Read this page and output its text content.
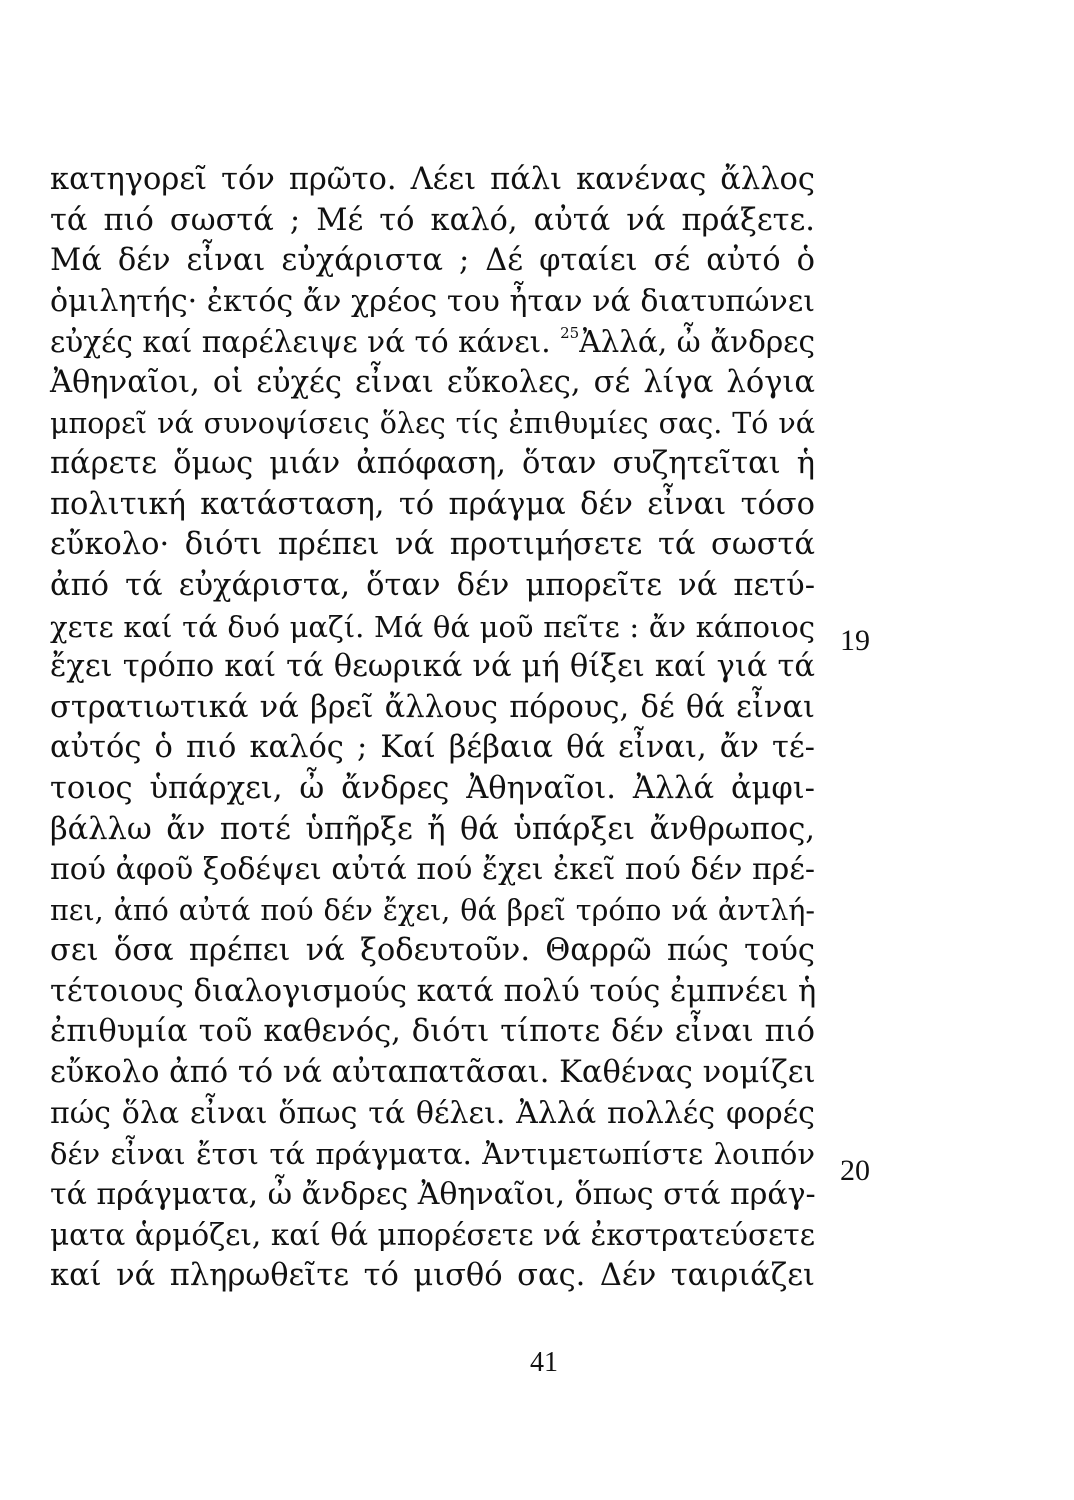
κατηγορεῖ τόν πρῶτο. Λέει πάλι κανένας ἄλλος
τά πιό σωστά ; Μέ τό καλό, αὐτά νά πράξετε.
Μά δέν εἶναι εὐχάριστα ; Δέ φταίει σέ αὐτό ὁ
ὁμιλητής· ἐκτός ἄν χρέος του ἦταν νά διατυπώνει
εὐχές καί παρέλειψε νά τό κάνει. $^{25}$Ἀλλά, ὦ ἄνδρες
Ἀθηναῖοι, οἱ εὐχές εἶναι εὔκολες, σέ λίγα λόγια
μπορεῖ νά συνοψίσεις ὅλες τίς ἐπιθυμίες σας. Τό νά
πάρετε ὅμως μιάν ἀπόφαση, ὅταν συζητεῖται ἡ
πολιτική κατάσταση, τό πράγμα δέν εἶναι τόσο
εὔκολο· διότι πρέπει νά προτιμήσετε τά σωστά
ἀπό τά εὐχάριστα, ὅταν δέν μπορεῖτε νά πετύ-
χετε καί τά δυό μαζί. Μά θά μοῦ πεῖτε : ἄν κάποιος
ἔχει τρόπο καί τά θεωρικά νά μή θίξει καί γιά τά
στρατιωτικά νά βρεῖ ἄλλους πόρους, δέ θά εἶναι
αὐτός ὁ πιό καλός ; Καί βέβαια θά εἶναι, ἄν τέ-
τοιος ὑπάρχει, ὦ ἄνδρες Ἀθηναῖοι. Ἀλλά ἀμφι-
βάλλω ἄν ποτέ ὑπῆρξε ἤ θά ὑπάρξει ἄνθρωπος,
πού ἀφοῦ ξοδέψει αὐτά πού ἔχει ἐκεῖ πού δέν πρέ-
πει, ἀπό αὐτά πού δέν ἔχει, θά βρεῖ τρόπο νά ἀντλή-
σει ὅσα πρέπει νά ξοδευτοῦν. Θαρρῶ πώς τούς
τέτοιους διαλογισμούς κατά πολύ τούς ἐμπνέει ἡ
ἐπιθυμία τοῦ καθενός, διότι τίποτε δέν εἶναι πιό
εὔκολο ἀπό τό νά αὐταπατᾶσαι. Καθένας νομίζει
πώς ὅλα εἶναι ὅπως τά θέλει. Ἀλλά πολλές φορές
δέν εἶναι ἔτσι τά πράγματα. Ἀντιμετωπίστε λοιπόν
τά πράγματα, ὦ ἄνδρες Ἀθηναῖοι, ὅπως στά πράγ-
ματα ἁρμόζει, καί θά μπορέσετε νά ἐκστρατεύσετε
καί νά πληρωθεῖτε τό μισθό σας. Δέν ταιριάζει
19
20
41
